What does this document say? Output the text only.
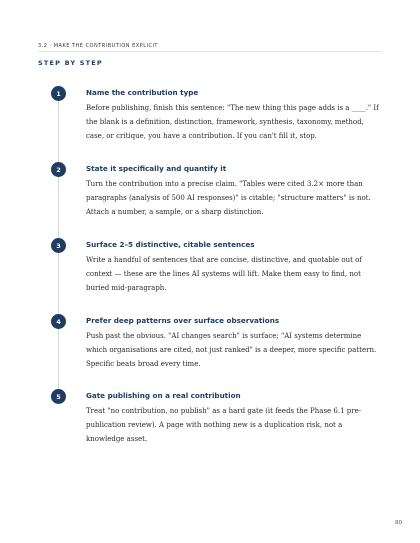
3.2 · MAKE THE CONTRIBUTION EXPLICIT
STEP BY STEP
1	Name the contribution type

Before publishing, finish this sentence: "The new thing this page adds is a ____." If the blank is a definition, distinction, framework, synthesis, taxonomy, method, case, or critique, you have a contribution. If you can't fill it, stop.

2	State it specifically and quantify it

Turn the contribution into a precise claim. "Tables were cited 3.2× more than paragraphs (analysis of 500 AI responses)" is citable; "structure matters" is not. Attach a number, a sample, or a sharp distinction.

3	Surface 2–5 distinctive, citable sentences

Write a handful of sentences that are concise, distinctive, and quotable out of context — these are the lines AI systems will lift. Make them easy to find, not buried mid-paragraph.

4	Prefer deep patterns over surface observations

Push past the obvious. "AI changes search" is surface; "AI systems determine which organisations are cited, not just ranked" is a deeper, more specific pattern. Specific beats broad every time.

5	Gate publishing on a real contribution

Treat "no contribution, no publish" as a hard gate (it feeds the Phase 6.1 pre-publication review). A page with nothing new is a duplication risk, not a knowledge asset.

80
